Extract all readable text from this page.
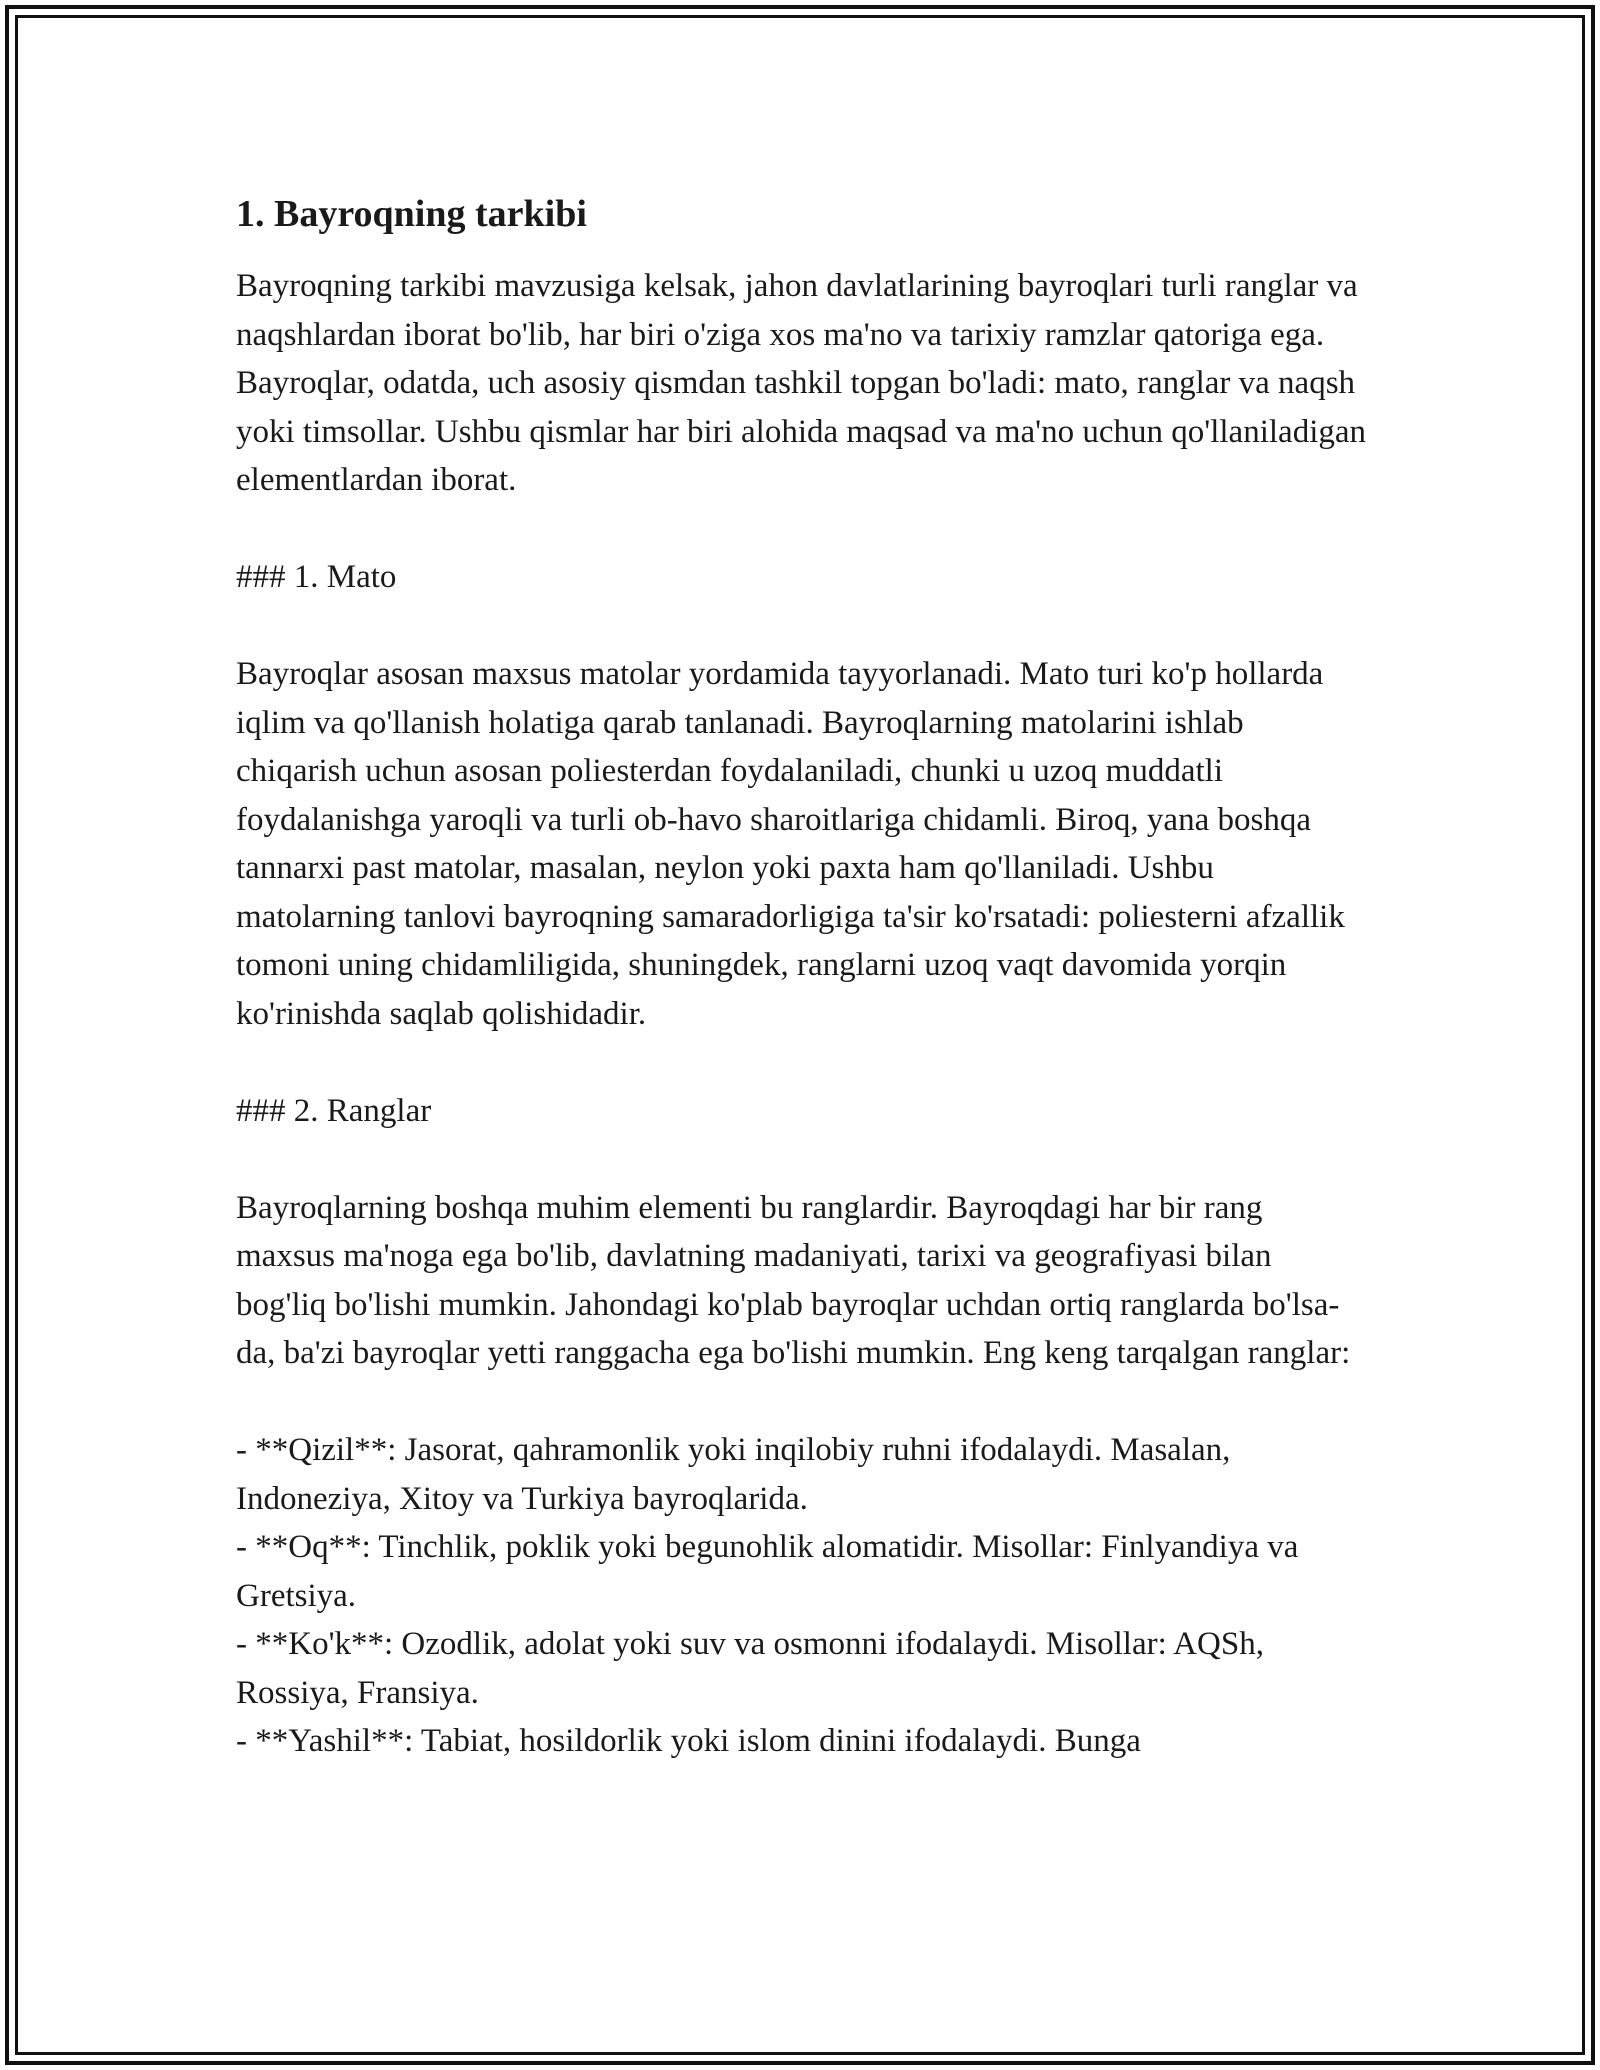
1. Bayroqning tarkibi

Bayroqning tarkibi mavzusiga kelsak, jahon davlatlarining bayroqlari turli ranglar va naqshlardan iborat bo'lib, har biri o'ziga xos ma'no va tarixiy ramzlar qatoriga ega. Bayroqlar, odatda, uch asosiy qismdan tashkil topgan bo'ladi: mato, ranglar va naqsh yoki timsollar. Ushbu qismlar har biri alohida maqsad va ma'no uchun qo'llaniladigan elementlardan iborat.

### 1. Mato

Bayroqlar asosan maxsus matolar yordamida tayyorlanadi. Mato turi ko'p hollarda iqlim va qo'llanish holatiga qarab tanlanadi. Bayroqlarning matolarini ishlab chiqarish uchun asosan poliesterdan foydalaniladi, chunki u uzoq muddatli foydalanishga yaroqli va turli ob-havo sharoitlariga chidamli. Biroq, yana boshqa tannarxi past matolar, masalan, neylon yoki paxta ham qo'llaniladi. Ushbu matolarning tanlovi bayroqning samaradorligiga ta'sir ko'rsatadi: poliesterni afzallik tomoni uning chidamliligida, shuningdek, ranglarni uzoq vaqt davomida yorqin ko'rinishda saqlab qolishidadir.

### 2. Ranglar

Bayroqlarning boshqa muhim elementi bu ranglardir. Bayroqdagi har bir rang maxsus ma'noga ega bo'lib, davlatning madaniyati, tarixi va geografiyasi bilan bog'liq bo'lishi mumkin. Jahondagi ko'plab bayroqlar uchdan ortiq ranglarda bo'lsa-da, ba'zi bayroqlar yetti ranggacha ega bo'lishi mumkin. Eng keng tarqalgan ranglar:

- **Qizil**: Jasorat, qahramonlik yoki inqilobiy ruhni ifodalaydi. Masalan, Indoneziya, Xitoy va Turkiya bayroqlarida.
- **Oq**: Tinchlik, poklik yoki begunohlik alomatidir. Misollar: Finlyandiya va Gretsiya.
- **Ko'k**: Ozodlik, adolat yoki suv va osmonni ifodalaydi. Misollar: AQSh, Rossiya, Fransiya.
- **Yashil**: Tabiat, hosildorlik yoki islom dinini ifodalaydi. Bunga
